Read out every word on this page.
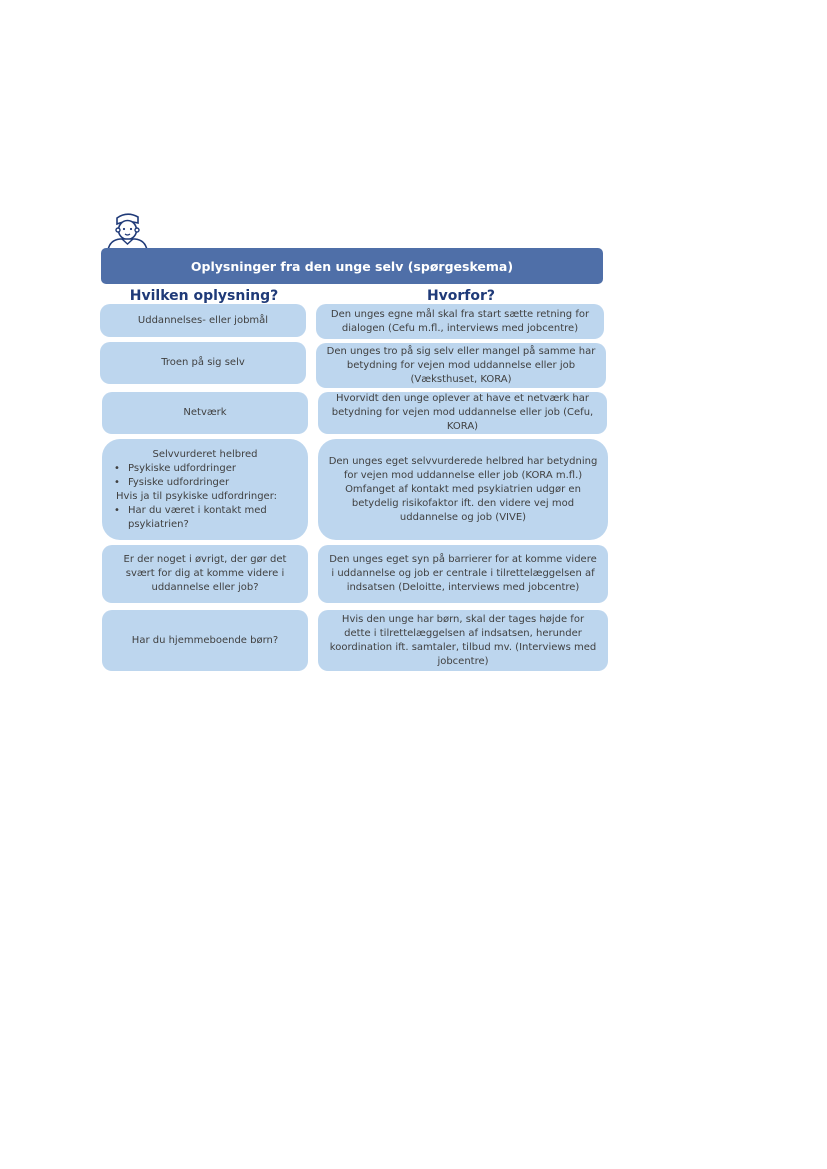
Oplysninger fra den unge selv (spørgeskema)
Hvilken oplysning?	Hvorfor?

Uddannelses- eller jobmål

Den unges egne mål skal fra start sætte retning for dialogen (Cefu m.fl., interviews med jobcentre)

Troen på sig selv

Den unges tro på sig selv eller mangel på samme har betydning for vejen mod uddannelse eller job (Væksthuset, KORA)

Netværk

Hvorvidt den unge oplever at have et netværk har betydning for vejen mod uddannelse eller job (Cefu, KORA)

Selvvurderet helbred

• Psykiske udfordringer
• Fysiske udfordringer

Hvis ja til psykiske udfordringer:

• Har du været i kontakt med psykiatrien?

Den unges eget selvvurderede helbred har betydning for vejen mod uddannelse eller job (KORA m.fl.)

Omfanget af kontakt med psykiatrien udgør en betydelig risikofaktor ift. den videre vej mod uddannelse og job (VIVE)

Er der noget i øvrigt, der gør det svært for dig at komme videre i uddannelse eller job?

Den unges eget syn på barrierer for at komme videre i uddannelse og job er centrale i tilrettelæggelsen af indsatsen (Deloitte, interviews med jobcentre)

Har du hjemmeboende børn?

Hvis den unge har børn, skal der tages højde for dette i tilrettelæggelsen af indsatsen, herunder koordination ift. samtaler, tilbud mv. (Interviews med jobcentre)
